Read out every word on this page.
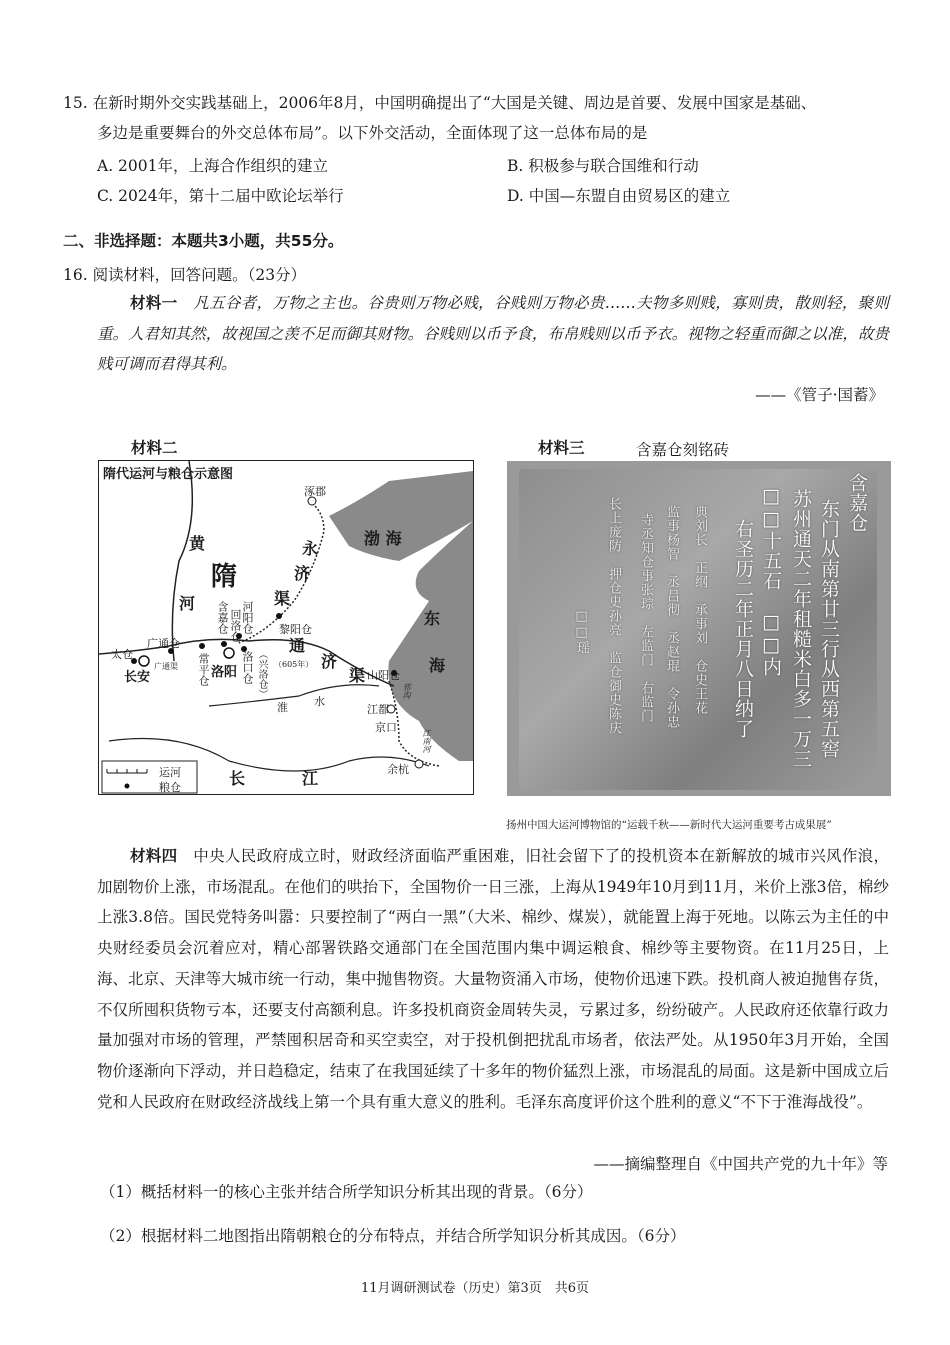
15. 在新时期外交实践基础上，2006年8月，中国明确提出了“大国是关键、周边是首要、发展中国家是基础、
多边是重要舞台的外交总体布局”。以下外交活动，全面体现了这一总体布局的是
A. 2001年，上海合作组织的建立	B. 积极参与联合国维和行动
C. 2024年，第十二届中欧论坛举行	D. 中国—东盟自由贸易区的建立
二、非选择题：本题共3小题，共55分。
16. 阅读材料，回答问题。（23分）
材料一　 凡五谷者，万物之主也。谷贵则万物必贱，谷贱则万物必贵……夫物多则贱，寡则贵，散则轻，聚则重。人君知其然，故视国之羡不足而御其财物。谷贱则以币予食，布帛贱则以币予衣。视物之轻重而御之以准，故贵贱可调而君得其利。
——《管子·国蓄》
材料二
隋代运河与粮仓示意图
隋
黄
河
渤 海
东
海
永
济
渠
通
济
渠
长	江
淮 水
涿郡
长安	洛阳
太仓
广通仓
广通渠 常平仓
含嘉仓 回洛仓 河阳仓 黎阳仓
洛口仓 （兴洛仓） （605年）
山阳仓
江都
京口
余杭
邗沟
江南河
运河
粮仓
材料三	含嘉仓刻铭砖
含嘉仓
东门从南第廿三行从西第五窖
苏州通天二年租糙米白多一万三
□□十五石　□□内
右圣历二年正月八日纳了
典刘长　正纲　承事刘　仓史王花
监事杨智　丞吕彻　丞赵琨　令孙忠
寺丞知仓事张琮　左监门　右监门
长上庞防　押仓史孙亮　监仓御史陈庆
□□瑶
扬州中国大运河博物馆的“运载千秋——新时代大运河重要考古成果展”
材料四　 中央人民政府成立时，财政经济面临严重困难，旧社会留下了的投机资本在新解放的城市兴风作浪，加剧物价上涨，市场混乱。在他们的哄抬下，全国物价一日三涨，上海从1949年10月到11月，米价上涨3倍，棉纱上涨3.8倍。国民党特务叫嚣：只要控制了“两白一黑”（大米、棉纱、煤炭），就能置上海于死地。以陈云为主任的中央财经委员会沉着应对，精心部署铁路交通部门在全国范围内集中调运粮食、棉纱等主要物资。在11月25日，上海、北京、天津等大城市统一行动，集中抛售物资。大量物资涌入市场，使物价迅速下跌。投机商人被迫抛售存货，不仅所囤积货物亏本，还要支付高额利息。许多投机商资金周转失灵，亏累过多，纷纷破产。人民政府还依靠行政力量加强对市场的管理，严禁囤积居奇和买空卖空，对于投机倒把扰乱市场者，依法严处。从1950年3月开始，全国物价逐渐向下浮动，并日趋稳定，结束了在我国延续了十多年的物价猛烈上涨，市场混乱的局面。这是新中国成立后党和人民政府在财政经济战线上第一个具有重大意义的胜利。毛泽东高度评价这个胜利的意义“不下于淮海战役”。
——摘编整理自《中国共产党的九十年》等
（1）概括材料一的核心主张并结合所学知识分析其出现的背景。（6分）
（2）根据材料二地图指出隋朝粮仓的分布特点，并结合所学知识分析其成因。（6分）
11月调研测试卷（历史）第3页　共6页
